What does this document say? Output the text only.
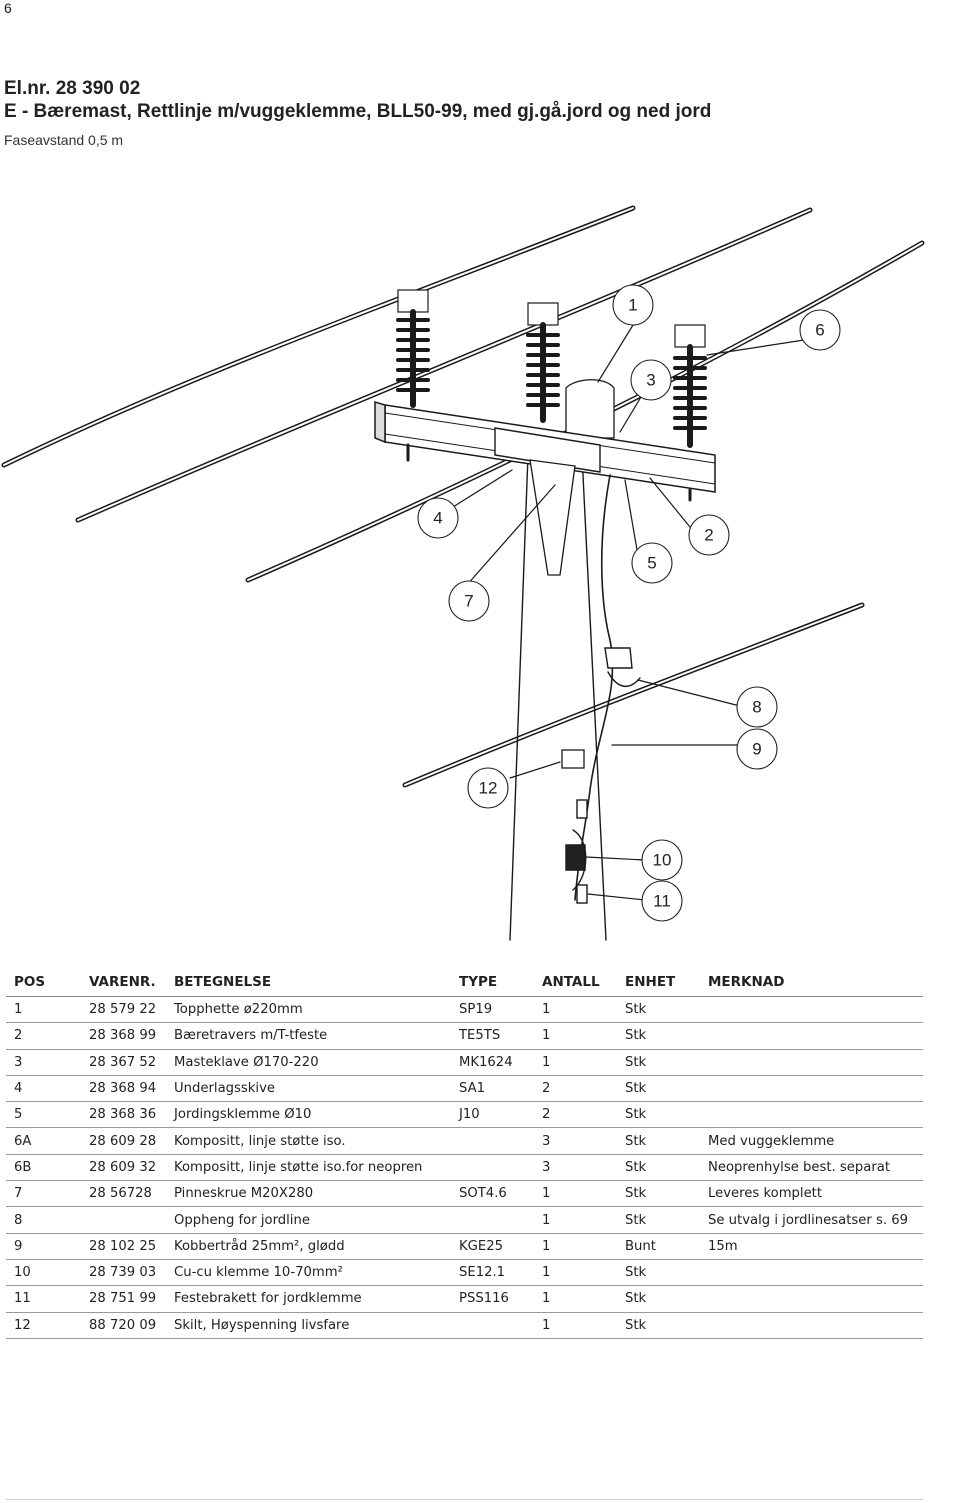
6
El.nr. 28 390 02
E - Bæremast, Rettlinje m/vuggeklemme, BLL50-99, med gj.gå.jord og ned jord
Faseavstand 0,5 m
1
6
3
4
2
5
7
8
9
12
10
11
POS	VARENR.	BETEGNELSE	TYPE	ANTALL	ENHET	MERKNAD
1	28 579 22	Topphette ø220mm	SP19	1	Stk	
2	28 368 99	Bæretravers m/T-tfeste	TE5TS	1	Stk	
3	28 367 52	Masteklave Ø170-220	MK1624	1	Stk	
4	28 368 94	Underlagsskive	SA1	2	Stk	
5	28 368 36	Jordingsklemme Ø10	J10	2	Stk	
6A	28 609 28	Kompositt, linje støtte iso.		3	Stk	Med vuggeklemme
6B	28 609 32	Kompositt, linje støtte iso.for neopren		3	Stk	Neoprenhylse best. separat
7	28 56728	Pinneskrue M20X280	SOT4.6	1	Stk	Leveres komplett
8		Oppheng for jordline		1	Stk	Se utvalg i jordlinesatser s. 69
9	28 102 25	Kobbertråd 25mm², glødd	KGE25	1	Bunt	15m
10	28 739 03	Cu-cu klemme 10-70mm²	SE12.1	1	Stk	
11	28 751 99	Festebrakett for jordklemme	PSS116	1	Stk	
12	88 720 09	Skilt, Høyspenning livsfare		1	Stk	
